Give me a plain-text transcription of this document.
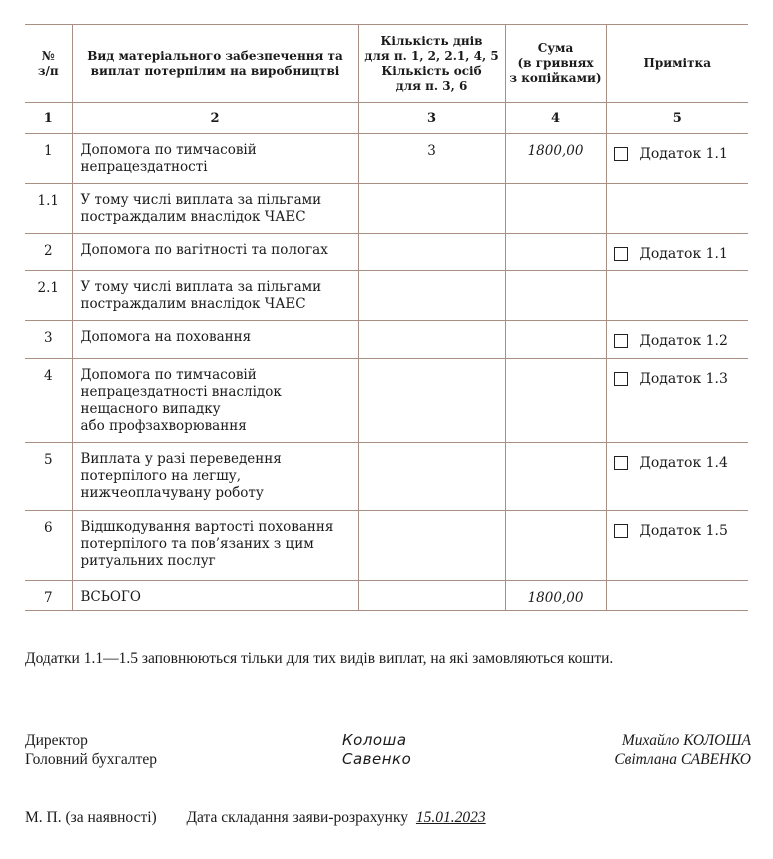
№
з/п	Вид матеріального забезпечення та
виплат потерпілим на виробництві	Кількість днів
для п. 1, 2, 2.1, 4, 5
Кількість осіб
для п. 3, 6	Сума
(в гривнях
з копійками)	Примітка
1	2	3	4	5
1	Допомога по тимчасовій
непрацездатності	3	1800,00	Додаток 1.1
1.1	У тому числі виплата за пільгами
постраждалим внаслідок ЧАЕС			
2	Допомога по вагітності та пологах			Додаток 1.1
2.1	У тому числі виплата за пільгами
постраждалим внаслідок ЧАЕС			
3	Допомога на поховання			Додаток 1.2
4	Допомога по тимчасовій
непрацездатності внаслідок
нещасного випадку
або профзахворювання			Додаток 1.3
5	Виплата у разі переведення
потерпілого на легшу,
нижчеоплачувану роботу			Додаток 1.4
6	Відшкодування вартості поховання
потерпілого та пов’язаних з цим
ритуальних послуг			Додаток 1.5
7	ВСЬОГО		1800,00	
Додатки 1.1—1.5 заповнюються тільки для тих видів виплат, на які замовляються кошти.
Директор
Головний бухгалтер
Колоша
Савенко
Михайло КОЛОША
Світлана САВЕНКО
М. П. (за наявності) Дата складання заяви-розрахунку 15.01.2023
